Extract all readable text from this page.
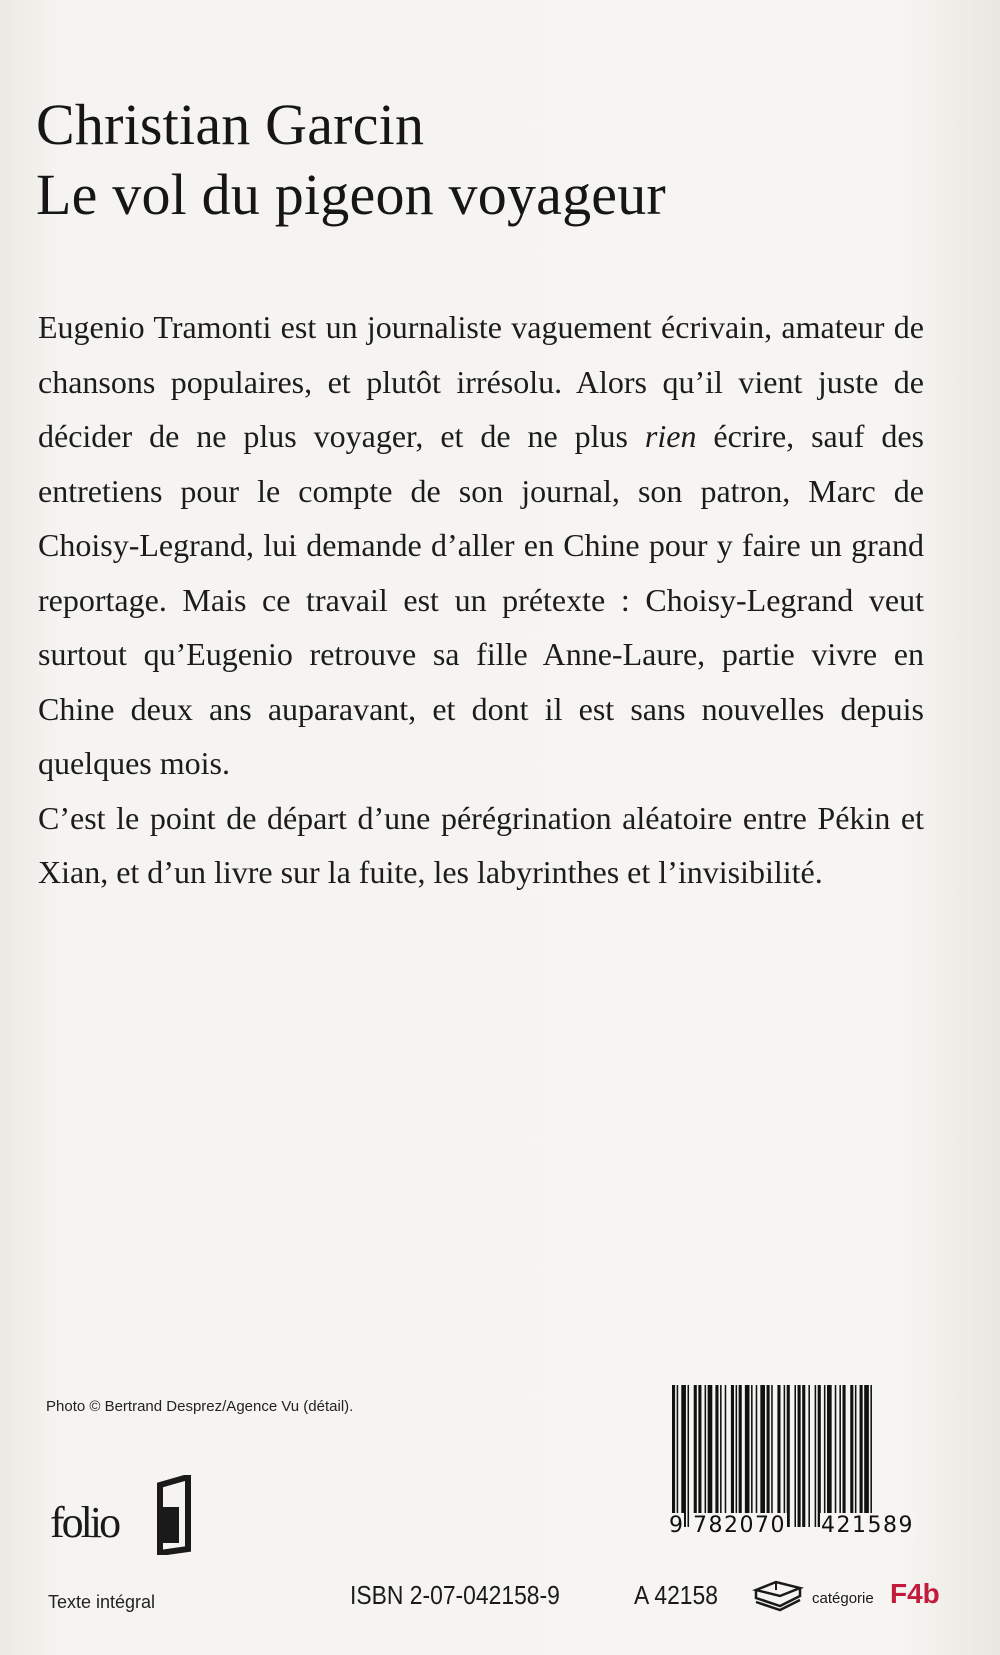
Christian Garcin
Le vol du pigeon voyageur

Eugenio Tramonti est un journaliste vaguement écrivain, amateur de chansons populaires, et plutôt irrésolu. Alors qu’il vient juste de décider de ne plus voyager, et de ne plus rien écrire, sauf des entretiens pour le compte de son journal, son patron, Marc de Choisy-Legrand, lui demande d’aller en Chine pour y faire un grand reportage. Mais ce travail est un prétexte : Choisy-Legrand veut surtout qu’Eugenio retrouve sa fille Anne-Laure, partie vivre en Chine deux ans auparavant, et dont il est sans nouvelles depuis quelques mois.

C’est le point de départ d’une pérégrination aléatoire entre Pékin et Xian, et d’un livre sur la fuite, les labyrinthes et l’invisibilité.

Photo © Bertrand Desprez/Agence Vu (détail).
folio
Texte intégral
9 782070 421589
ISBN 2-07-042158-9	A 42158	catégorie F4b
